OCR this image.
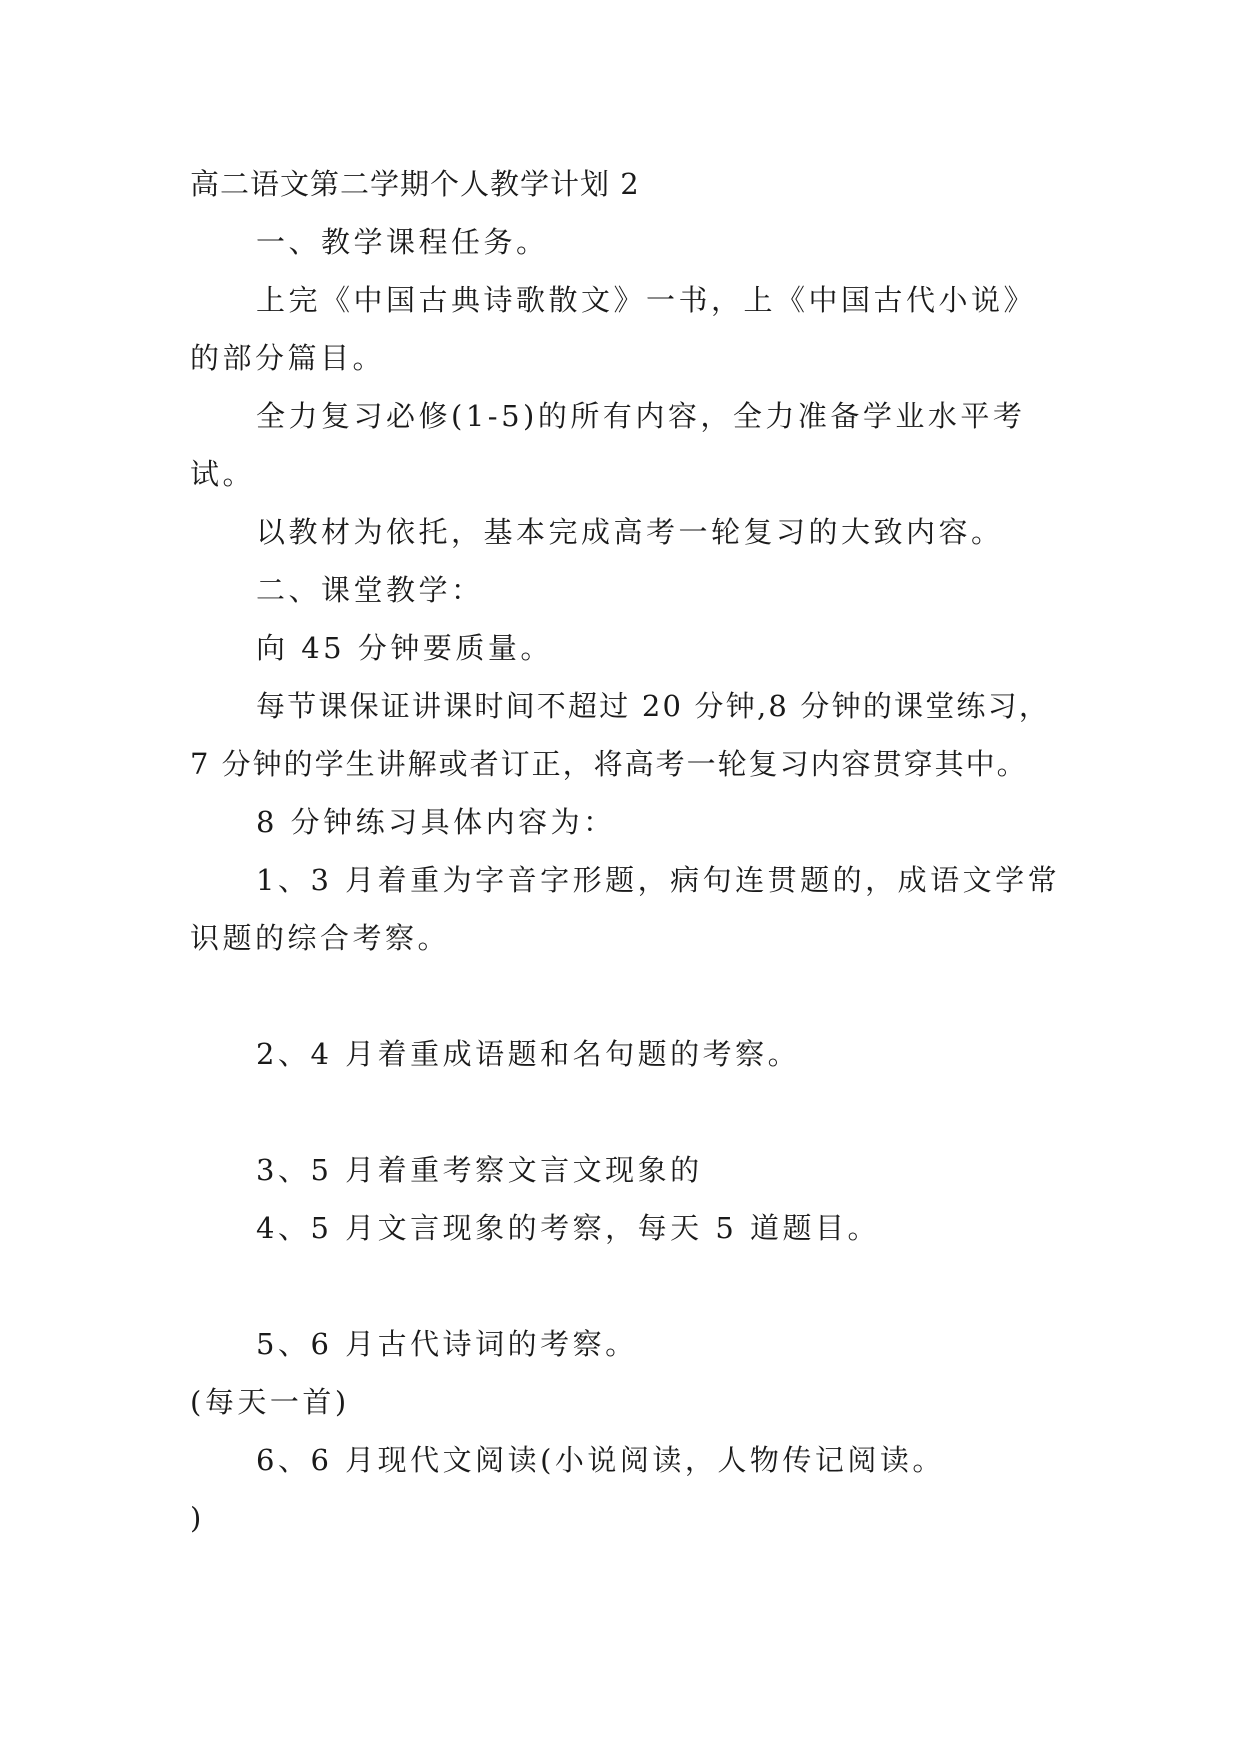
高二语文第二学期个人教学计划 2
一、教学课程任务。
上完《中国古典诗歌散文》一书，上《中国古代小说》
的部分篇目。
全力复习必修(1-5)的所有内容，全力准备学业水平考
试。
以教材为依托，基本完成高考一轮复习的大致内容。
二、课堂教学：
向 45 分钟要质量。
每节课保证讲课时间不超过 20 分钟,8 分钟的课堂练习，
7 分钟的学生讲解或者订正，将高考一轮复习内容贯穿其中。
8 分钟练习具体内容为：
1、3 月着重为字音字形题，病句连贯题的，成语文学常
识题的综合考察。
2、4 月着重成语题和名句题的考察。
3、5 月着重考察文言文现象的
4、5 月文言现象的考察，每天 5 道题目。
5、6 月古代诗词的考察。
(每天一首)
6、6 月现代文阅读(小说阅读，人物传记阅读。
)
